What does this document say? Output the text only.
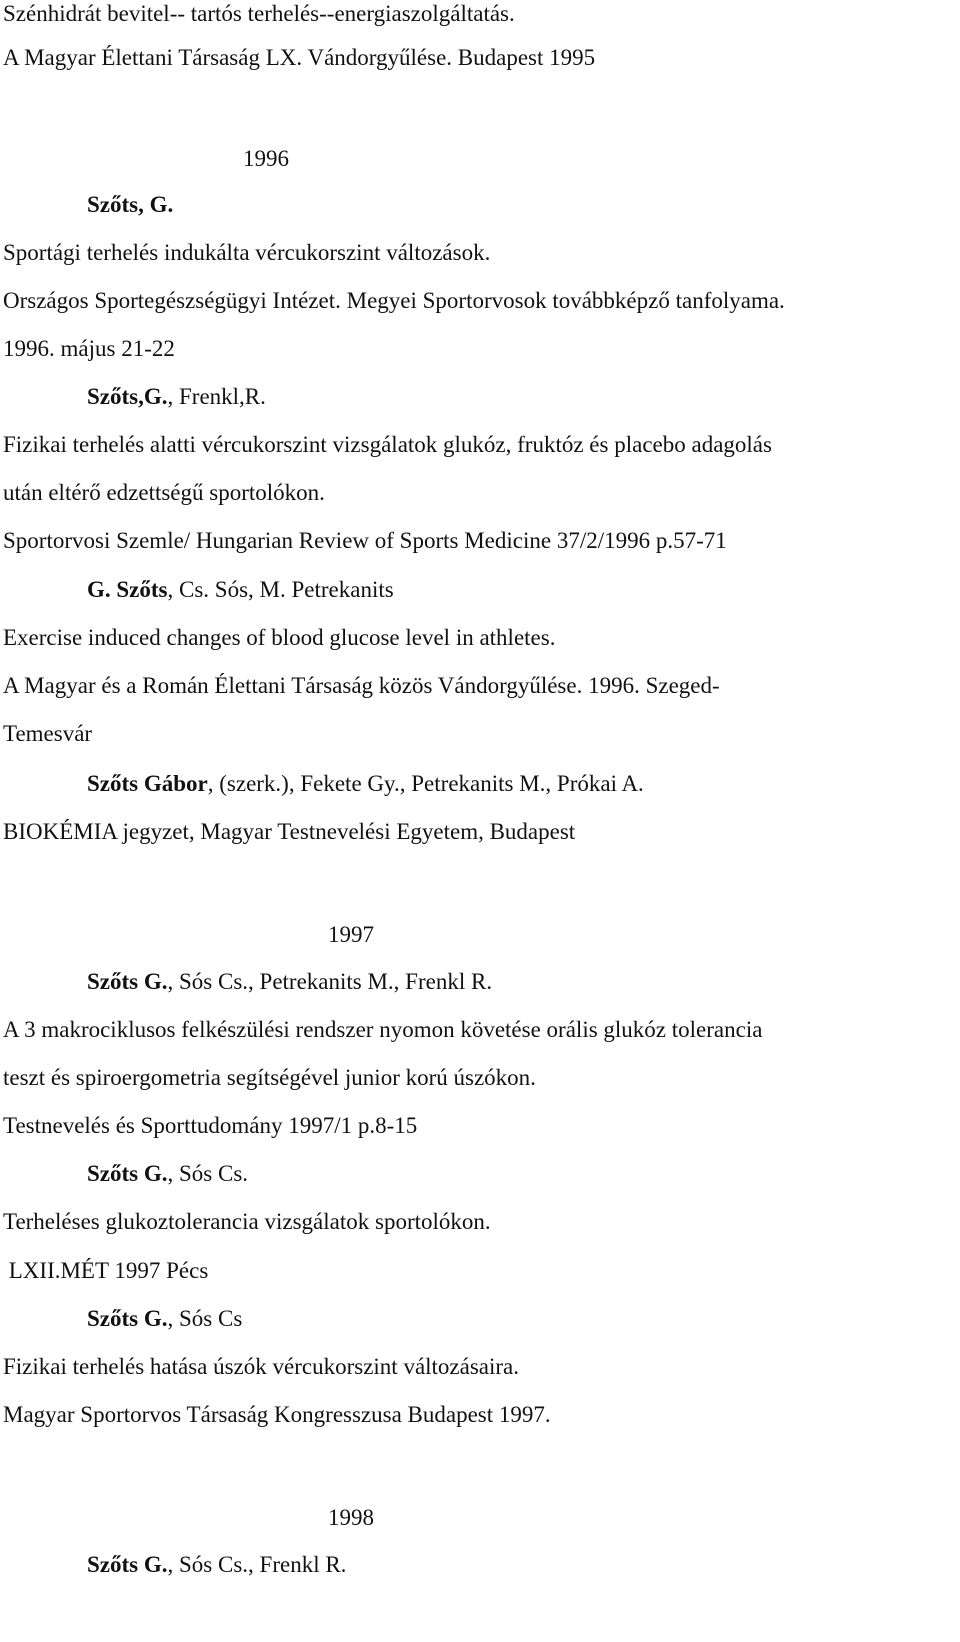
Szénhidrát bevitel-- tartós terhelés--energiaszolgáltatás.

A Magyar Élettani Társaság LX. Vándorgyűlése. Budapest 1995

1996

Szőts, G.

Sportági terhelés indukálta vércukorszint változások.

Országos Sportegészségügyi Intézet. Megyei Sportorvosok továbbképző tanfolyama.

1996. május 21-22

Szőts,G., Frenkl,R.

Fizikai terhelés alatti vércukorszint vizsgálatok glukóz, fruktóz és placebo adagolás

után eltérő edzettségű sportolókon.

Sportorvosi Szemle/ Hungarian Review of Sports Medicine 37/2/1996 p.57-71

G. Szőts, Cs. Sós, M. Petrekanits

Exercise induced changes of blood glucose level in athletes.

A Magyar és a Román Élettani Társaság közös Vándorgyűlése. 1996. Szeged-

Temesvár

Szőts Gábor, (szerk.), Fekete Gy., Petrekanits M., Prókai A.

BIOKÉMIA jegyzet, Magyar Testnevelési Egyetem, Budapest

1997

Szőts G., Sós Cs., Petrekanits M., Frenkl R.

A 3 makrociklusos felkészülési rendszer nyomon követése orális glukóz tolerancia

teszt és spiroergometria segítségével junior korú úszókon.

Testnevelés és Sporttudomány 1997/1 p.8-15

Szőts G., Sós Cs.

Terheléses glukoztolerancia vizsgálatok sportolókon.

LXII.MÉT 1997 Pécs

Szőts G., Sós Cs

Fizikai terhelés hatása úszók vércukorszint változásaira.

Magyar Sportorvos Társaság Kongresszusa Budapest 1997.

1998

Szőts G., Sós Cs., Frenkl R.
